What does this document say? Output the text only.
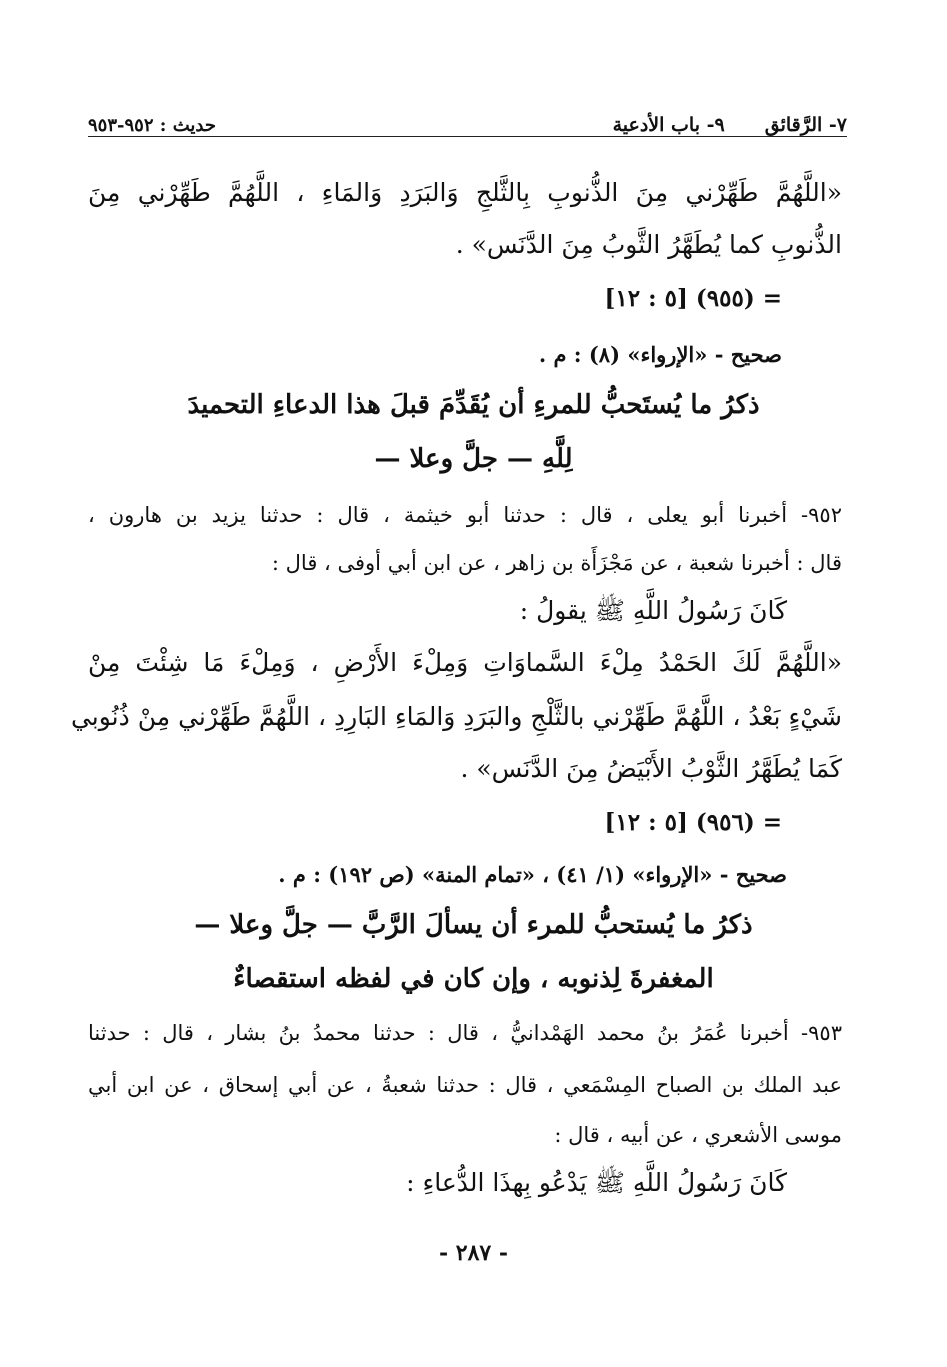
٧- الرَّقائق٩- باب الأدعية
حديث : ٩٥٢-٩٥٣
«اللَّهُمَّ طَهِّرْني مِنَ الذُّنوبِ بِالثَّلجِ وَالبَرَدِ وَالمَاءِ ، اللَّهُمَّ طَهِّرْني مِنَ
الذُّنوبِ كما يُطَهَّرُ الثَّوبُ مِنَ الدَّنَس» .
= (٩٥٥) [٥ : ١٢]
صحيح - «الإرواء» (٨) : م .
ذكرُ ما يُستَحبُّ للمرءِ أن يُقَدِّمَ قبلَ هذا الدعاءِ التحميدَ
لِلَّهِ — جلَّ وعلا —
٩٥٢- أخبرنا أبو يعلى ، قال : حدثنا أبو خيثمة ، قال : حدثنا يزيد بن هارون ،
قال : أخبرنا شعبة ، عن مَجْزَأَة بن زاهر ، عن ابن أبي أوفى ، قال :
كَانَ رَسُولُ اللَّهِ ﷺ يقولُ :
«اللَّهُمَّ لَكَ الحَمْدُ مِلْءَ السَّماوَاتِ وَمِلْءَ الأَرْضِ ، وَمِلْءَ مَا شِئْتَ مِنْ
شَيْءٍ بَعْدُ ، اللَّهُمَّ طَهِّرْني بالثَّلْجِ والبَرَدِ وَالمَاءِ البَارِدِ ، اللَّهُمَّ طَهِّرْني مِنْ ذُنُوبي
كَمَا يُطَهَّرُ الثَّوْبُ الأَبْيَضُ مِنَ الدَّنَس» .
= (٩٥٦) [٥ : ١٢]
صحيح - «الإرواء» (١/ ٤١) ، «تمام المنة» (ص ١٩٢) : م .
ذكرُ ما يُستحبُّ للمرء أن يسألَ الرَّبَّ — جلَّ وعلا —
المغفرةَ لِذنوبه ، وإن كان في لفظه استقصاءٌ
٩٥٣- أخبرنا عُمَرُ بنُ محمد الهَمْدانيُّ ، قال : حدثنا محمدُ بنُ بشار ، قال : حدثنا
عبد الملك بن الصباح المِسْمَعي ، قال : حدثنا شعبةُ ، عن أبي إسحاق ، عن ابن أبي
موسى الأشعري ، عن أبيه ، قال :
كَانَ رَسُولُ اللَّهِ ﷺ يَدْعُو بِهذَا الدُّعاءِ :
- ٢٨٧ -
